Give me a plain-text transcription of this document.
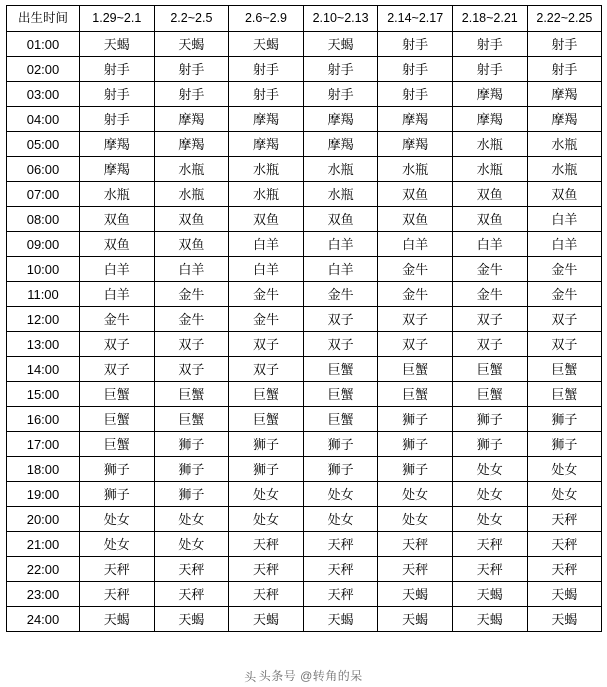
出生时间	1.29~2.1	2.2~2.5	2.6~2.9	2.10~2.13	2.14~2.17	2.18~2.21	2.22~2.25
01:00	天蝎	天蝎	天蝎	天蝎	射手	射手	射手
02:00	射手	射手	射手	射手	射手	射手	射手
03:00	射手	射手	射手	射手	射手	摩羯	摩羯
04:00	射手	摩羯	摩羯	摩羯	摩羯	摩羯	摩羯
05:00	摩羯	摩羯	摩羯	摩羯	摩羯	水瓶	水瓶
06:00	摩羯	水瓶	水瓶	水瓶	水瓶	水瓶	水瓶
07:00	水瓶	水瓶	水瓶	水瓶	双鱼	双鱼	双鱼
08:00	双鱼	双鱼	双鱼	双鱼	双鱼	双鱼	白羊
09:00	双鱼	双鱼	白羊	白羊	白羊	白羊	白羊
10:00	白羊	白羊	白羊	白羊	金牛	金牛	金牛
11:00	白羊	金牛	金牛	金牛	金牛	金牛	金牛
12:00	金牛	金牛	金牛	双子	双子	双子	双子
13:00	双子	双子	双子	双子	双子	双子	双子
14:00	双子	双子	双子	巨蟹	巨蟹	巨蟹	巨蟹
15:00	巨蟹	巨蟹	巨蟹	巨蟹	巨蟹	巨蟹	巨蟹
16:00	巨蟹	巨蟹	巨蟹	巨蟹	狮子	狮子	狮子
17:00	巨蟹	狮子	狮子	狮子	狮子	狮子	狮子
18:00	狮子	狮子	狮子	狮子	狮子	处女	处女
19:00	狮子	狮子	处女	处女	处女	处女	处女
20:00	处女	处女	处女	处女	处女	处女	天秤
21:00	处女	处女	天秤	天秤	天秤	天秤	天秤
22:00	天秤	天秤	天秤	天秤	天秤	天秤	天秤
23:00	天秤	天秤	天秤	天秤	天蝎	天蝎	天蝎
24:00	天蝎	天蝎	天蝎	天蝎	天蝎	天蝎	天蝎
头 头条号 @转角的呆
